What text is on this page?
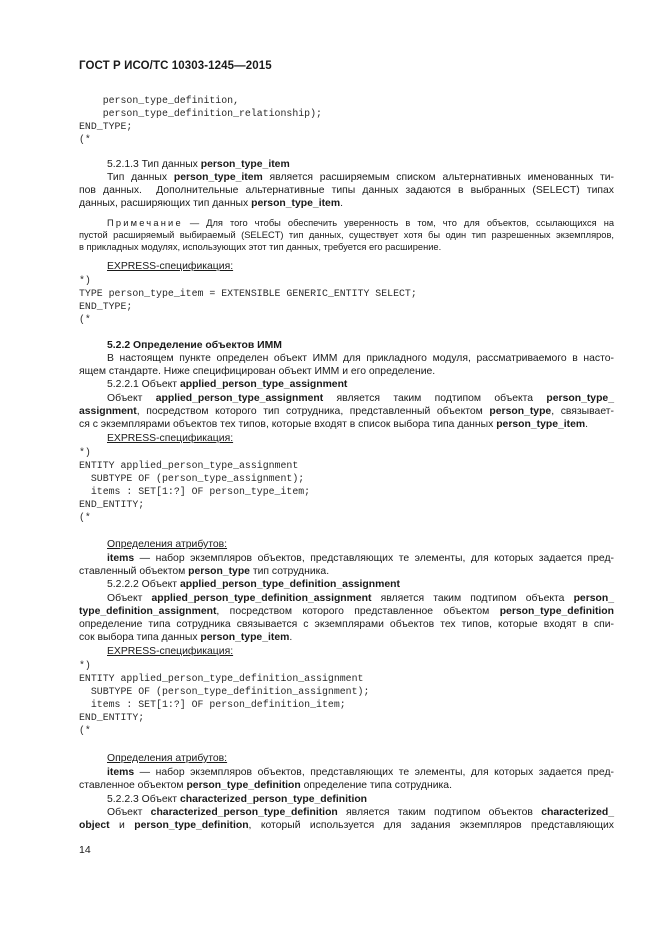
ГОСТ Р ИСО/ТС 10303-1245—2015
person_type_definition,
person_type_definition_relationship);
END_TYPE;
(*
5.2.1.3 Тип данных person_type_item
Тип данных person_type_item является расширяемым списком альтернативных именованных ти-
пов данных.  Дополнительные альтернативные типы данных задаются в выбранных (SELECT) типах
данных, расширяющих тип данных person_type_item.
Примечание — Для того чтобы обеспечить уверенность в том, что для объектов, ссылающихся на
пустой расширяемый выбираемый (SELECT) тип данных, существует хотя бы один тип разрешенных экземпляров,
в прикладных модулях, использующих этот тип данных, требуется его расширение.
EXPRESS-спецификация:
*)
TYPE person_type_item = EXTENSIBLE GENERIC_ENTITY SELECT;
END_TYPE;
(*
5.2.2 Определение объектов ИММ
В настоящем пункте определен объект ИММ для прикладного модуля, рассматриваемого в насто-
ящем стандарте. Ниже специфицирован объект ИММ и его определение.
5.2.2.1 Объект applied_person_type_assignment
Объект applied_person_type_assignment является таким подтипом объекта person_type_
assignment, посредством которого тип сотрудника, представленный объектом person_type, связывает-
ся с экземплярами объектов тех типов, которые входят в список выбора типа данных person_type_item.
EXPRESS-спецификация:
*)
ENTITY applied_person_type_assignment
SUBTYPE OF (person_type_assignment);
items : SET[1:?] OF person_type_item;
END_ENTITY;
(*
Определения атрибутов:
items — набор экземпляров объектов, представляющих те элементы, для которых задается пред-
ставленный объектом person_type тип сотрудника.
5.2.2.2 Объект applied_person_type_definition_assignment
Объект applied_person_type_definition_assignment является таким подтипом объекта person_
type_definition_assignment, посредством которого представленное объектом person_type_definition
определение типа сотрудника связывается с экземплярами объектов тех типов, которые входят в спи-
сок выбора типа данных person_type_item.
EXPRESS-спецификация:
*)
ENTITY applied_person_type_definition_assignment
SUBTYPE OF (person_type_definition_assignment);
items : SET[1:?] OF person_definition_item;
END_ENTITY;
(*
Определения атрибутов:
items — набор экземпляров объектов, представляющих те элементы, для которых задается пред-
ставленное объектом person_type_definition определение типа сотрудника.
5.2.2.3 Объект characterized_person_type_definition
Объект characterized_person_type_definition является таким подтипом объектов characterized_
object и person_type_definition, который используется для задания экземпляров представляющих
14
